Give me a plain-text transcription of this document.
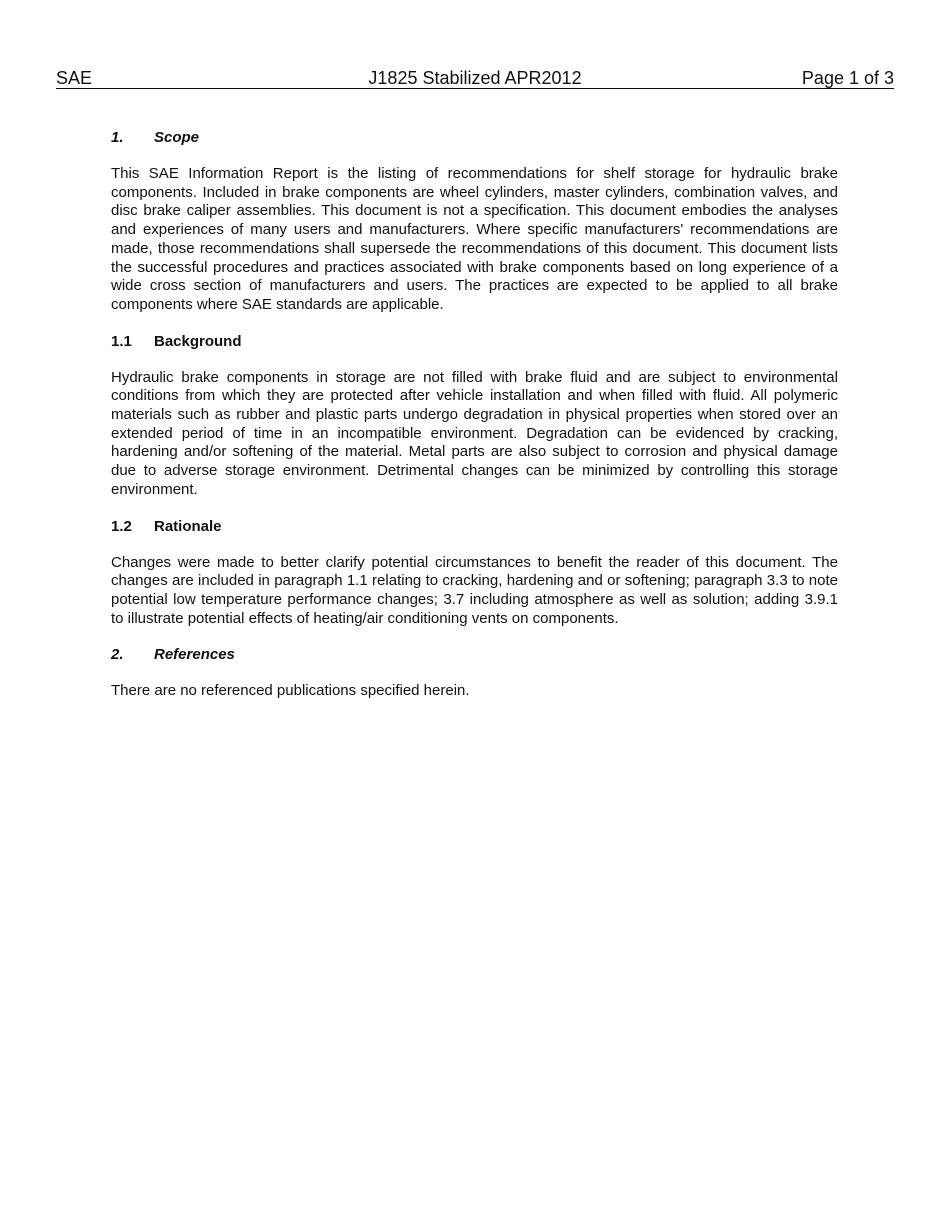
SAE	J1825 Stabilized APR2012	Page 1 of 3
1. Scope

This SAE Information Report is the listing of recommendations for shelf storage for hydraulic brake components. Included in brake components are wheel cylinders, master cylinders, combination valves, and disc brake caliper assemblies. This document is not a specification. This document embodies the analyses and experiences of many users and manufacturers. Where specific manufacturers' recommendations are made, those recommendations shall supersede the recommendations of this document. This document lists the successful procedures and practices associated with brake components based on long experience of a wide cross section of manufacturers and users. The practices are expected to be applied to all brake components where SAE standards are applicable.

1.1 Background

Hydraulic brake components in storage are not filled with brake fluid and are subject to environmental conditions from which they are protected after vehicle installation and when filled with fluid. All polymeric materials such as rubber and plastic parts undergo degradation in physical properties when stored over an extended period of time in an incompatible environment. Degradation can be evidenced by cracking, hardening and/or softening of the material. Metal parts are also subject to corrosion and physical damage due to adverse storage environment. Detrimental changes can be minimized by controlling this storage environment.

1.2 Rationale

Changes were made to better clarify potential circumstances to benefit the reader of this document. The changes are included in paragraph 1.1 relating to cracking, hardening and or softening; paragraph 3.3 to note potential low temperature performance changes; 3.7 including atmosphere as well as solution; adding 3.9.1 to illustrate potential effects of heating/air conditioning vents on components.

2. References

There are no referenced publications specified herein.
